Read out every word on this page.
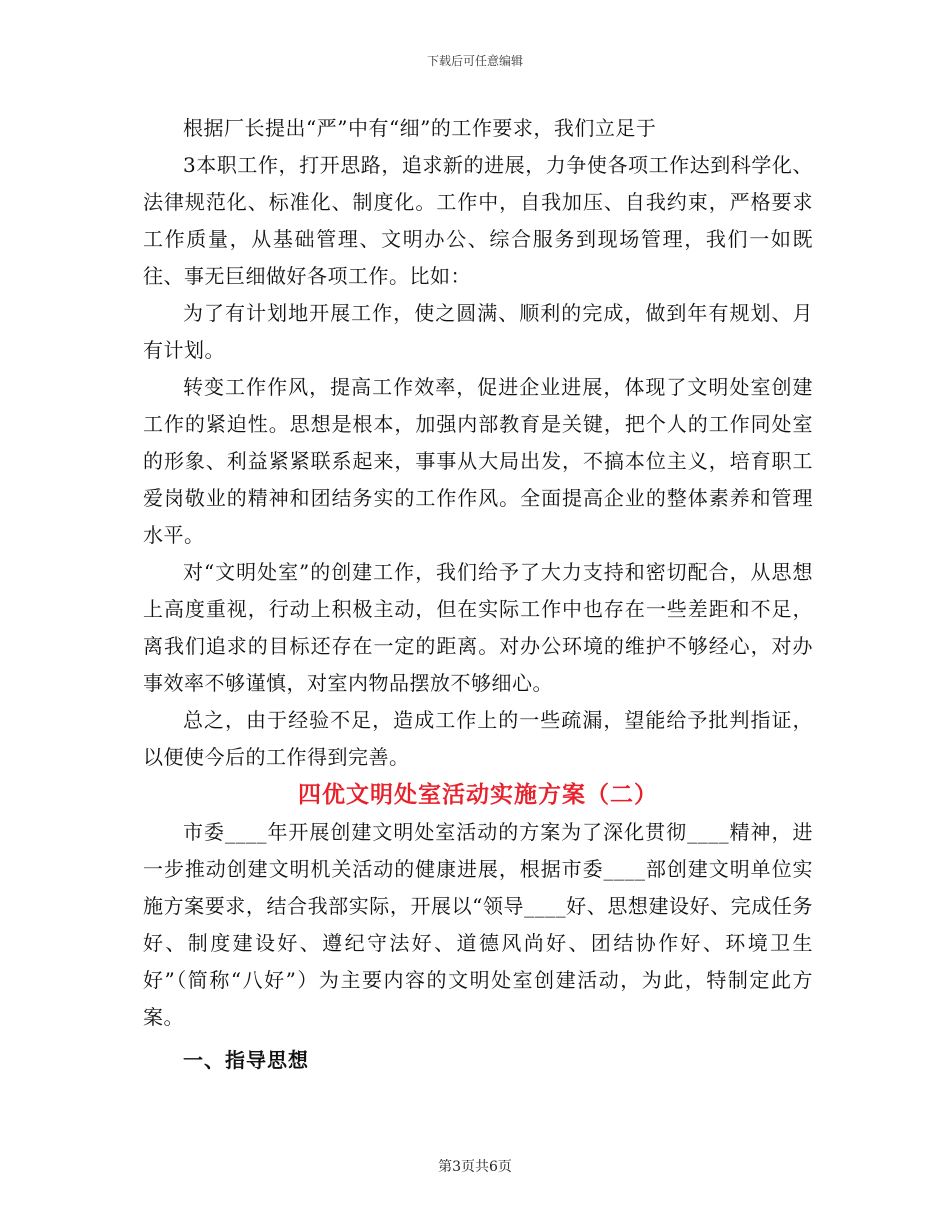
下载后可任意编辑

根据厂长提出“严”中有“细”的工作要求，我们立足于

3本职工作，打开思路，追求新的进展，力争使各项工作达到科学化、法律规范化、标准化、制度化。工作中，自我加压、自我约束，严格要求工作质量，从基础管理、文明办公、综合服务到现场管理，我们一如既往、事无巨细做好各项工作。比如：

为了有计划地开展工作，使之圆满、顺利的完成，做到年有规划、月有计划。

转变工作作风，提高工作效率，促进企业进展，体现了文明处室创建工作的紧迫性。思想是根本，加强内部教育是关键，把个人的工作同处室的形象、利益紧紧联系起来，事事从大局出发，不搞本位主义，培育职工爱岗敬业的精神和团结务实的工作作风。全面提高企业的整体素养和管理水平。

对“文明处室”的创建工作，我们给予了大力支持和密切配合，从思想上高度重视，行动上积极主动，但在实际工作中也存在一些差距和不足，离我们追求的目标还存在一定的距离。对办公环境的维护不够经心，对办事效率不够谨慎，对室内物品摆放不够细心。

总之，由于经验不足，造成工作上的一些疏漏，望能给予批判指证，以便使今后的工作得到完善。

四优文明处室活动实施方案（二）

市委____年开展创建文明处室活动的方案为了深化贯彻____精神，进一步推动创建文明机关活动的健康进展，根据市委____部创建文明单位实施方案要求，结合我部实际，开展以“领导____好、思想建设好、完成任务好、制度建设好、遵纪守法好、道德风尚好、团结协作好、环境卫生好”（简称“八好”）为主要内容的文明处室创建活动，为此，特制定此方案。

一、指导思想
第3页共6页
